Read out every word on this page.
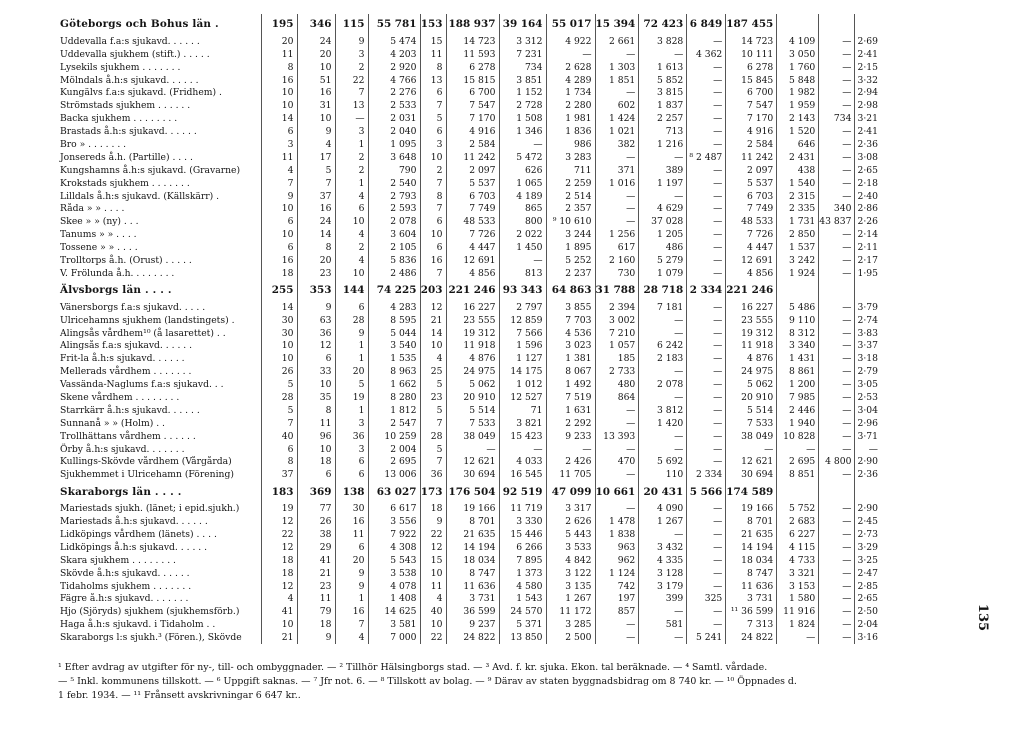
Göteborgs och Bohus län .	195	346	115	55 781	153	188 937	39 164	55 017	15 394	72 423	6 849	187 455			
Uddevalla f.a:s sjukavd. . . . . .	20	24	9	5 474	15	14 723	3 312	4 922	2 661	3 828	—	14 723	4 109	—	2·69
Uddevalla sjukhem (stift.) . . . . .	11	20	3	4 203	11	11 593	7 231	—	—	—	4 362	10 111	3 050	—	2·41
Lysekils sjukhem . . . . . . .	8	10	2	2 920	8	6 278	734	2 628	1 303	1 613	—	6 278	1 760	—	2·15
Mölndals å.h:s sjukavd. . . . . .	16	51	22	4 766	13	15 815	3 851	4 289	1 851	5 852	—	15 845	5 848	—	3·32
Kungälvs f.a:s sjukavd. (Fridhem) .	10	16	7	2 276	6	6 700	1 152	1 734	—	3 815	—	6 700	1 982	—	2·94
Strömstads sjukhem . . . . . .	10	31	13	2 533	7	7 547	2 728	2 280	602	1 837	—	7 547	1 959	—	2·98
Backa sjukhem . . . . . . . .	14	10	—	2 031	5	7 170	1 508	1 981	1 424	2 257	—	7 170	2 143	734	3·21
Brastads å.h:s sjukavd. . . . . .	6	9	3	2 040	6	4 916	1 346	1 836	1 021	713	—	4 916	1 520	—	2·41
Bro » . . . . . . .	3	4	1	1 095	3	2 584	—	986	382	1 216	—	2 584	646	—	2·36
Jonsereds å.h. (Partille) . . . .	11	17	2	3 648	10	11 242	5 472	3 283	—	—	⁸ 2 487	11 242	2 431	—	3·08
Kungshamns å.h:s sjukavd. (Gravarne)	4	5	2	790	2	2 097	626	711	371	389	—	2 097	438	—	2·65
Krokstads sjukhem . . . . . . .	7	7	1	2 540	7	5 537	1 065	2 259	1 016	1 197	—	5 537	1 540	—	2·18
Lilldals å.h:s sjukavd. (Källskärr) .	9	37	4	2 793	8	6 703	4 189	2 514	—	—	—	6 703	2 315	—	2·40
Råda » » . . . .	10	16	6	2 593	7	7 749	865	2 357	—	4 629	—	7 749	2 335	340	2·86
Skee » » (ny) . . .	6	24	10	2 078	6	48 533	800	⁹ 10 610	—	37 028	—	48 533	1 731	43 837	2·26
Tanums » » . . . .	10	14	4	3 604	10	7 726	2 022	3 244	1 256	1 205	—	7 726	2 850	—	2·14
Tossene » » . . . .	6	8	2	2 105	6	4 447	1 450	1 895	617	486	—	4 447	1 537	—	2·11
Trolltorps å.h. (Orust) . . . . .	16	20	4	5 836	16	12 691	—	5 252	2 160	5 279	—	12 691	3 242	—	2·17
V. Frölunda å.h. . . . . . . .	18	23	10	2 486	7	4 856	813	2 237	730	1 079	—	4 856	1 924	—	1·95
Älvsborgs län . . . .	255	353	144	74 225	203	221 246	93 343	64 863	31 788	28 718	2 334	221 246			
Vänersborgs f.a:s sjukavd. . . . .	14	9	6	4 283	12	16 227	2 797	3 855	2 394	7 181	—	16 227	5 486	—	3·79
Ulricehamns sjukhem (landstingets) .	30	63	28	8 595	21	23 555	12 859	7 703	3 002	—	—	23 555	9 110	—	2·74
Alingsås vårdhem¹⁰ (å lasarettet) . .	30	36	9	5 044	14	19 312	7 566	4 536	7 210	—	—	19 312	8 312	—	3·83
Alingsås f.a:s sjukavd. . . . . .	10	12	1	3 540	10	11 918	1 596	3 023	1 057	6 242	—	11 918	3 340	—	3·37
Frit-la å.h:s sjukavd. . . . . .	10	6	1	1 535	4	4 876	1 127	1 381	185	2 183	—	4 876	1 431	—	3·18
Mellerads vårdhem . . . . . . .	26	33	20	8 963	25	24 975	14 175	8 067	2 733	—	—	24 975	8 861	—	2·79
Vassända-Naglums f.a:s sjukavd. . .	5	10	5	1 662	5	5 062	1 012	1 492	480	2 078	—	5 062	1 200	—	3·05
Skene vårdhem . . . . . . . .	28	35	19	8 280	23	20 910	12 527	7 519	864	—	—	20 910	7 985	—	2·53
Starrkärr å.h:s sjukavd. . . . . .	5	8	1	1 812	5	5 514	71	1 631	—	3 812	—	5 514	2 446	—	3·04
Sunnanå » » (Holm) . .	7	11	3	2 547	7	7 533	3 821	2 292	—	1 420	—	7 533	1 940	—	2·96
Trollhättans vårdhem . . . . . .	40	96	36	10 259	28	38 049	15 423	9 233	13 393	—	—	38 049	10 828	—	3·71
Örby å.h:s sjukavd. . . . . . .	6	10	3	2 004	5	—	—	—	—	—	—	—	—	—	—
Kullings-Skövde vårdhem (Vårgårda)	8	18	6	2 695	7	12 621	4 033	2 426	470	5 692	—	12 621	2 695	4 800	2·90
Sjukhemmet i Ulricehamn (Förening)	37	6	6	13 006	36	30 694	16 545	11 705	—	110	2 334	30 694	8 851	—	2·36
Skaraborgs län . . . .	183	369	138	63 027	173	176 504	92 519	47 099	10 661	20 431	5 566	174 589			
Mariestads sjukh. (länet; i epid.sjukh.)	19	77	30	6 617	18	19 166	11 719	3 317	—	4 090	—	19 166	5 752	—	2·90
Mariestads å.h:s sjukavd. . . . . .	12	26	16	3 556	9	8 701	3 330	2 626	1 478	1 267	—	8 701	2 683	—	2·45
Lidköpings vårdhem (länets) . . . .	22	38	11	7 922	22	21 635	15 446	5 443	1 838	—	—	21 635	6 227	—	2·73
Lidköpings å.h:s sjukavd. . . . . .	12	29	6	4 308	12	14 194	6 266	3 533	963	3 432	—	14 194	4 115	—	3·29
Skara sjukhem . . . . . . . .	18	41	20	5 543	15	18 034	7 895	4 842	962	4 335	—	18 034	4 733	—	3·25
Skövde å.h:s sjukavd. . . . . .	18	21	9	3 538	10	8 747	1 373	3 122	1 124	3 128	—	8 747	3 321	—	2·47
Tidaholms sjukhem . . . . . . .	12	23	9	4 078	11	11 636	4 580	3 135	742	3 179	—	11 636	3 153	—	2·85
Fägre å.h:s sjukavd. . . . . . .	4	11	1	1 408	4	3 731	1 543	1 267	197	399	325	3 731	1 580	—	2·65
Hjo (Sjöryds) sjukhem (sjukhemsförb.)	41	79	16	14 625	40	36 599	24 570	11 172	857	—	—	¹¹ 36 599	11 916	—	2·50
Haga å.h:s sjukavd. i Tidaholm . .	10	18	7	3 581	10	9 237	5 371	3 285	—	581	—	7 313	1 824	—	2·04
Skaraborgs l:s sjukh.³ (Fören.), Skövde	21	9	4	7 000	22	24 822	13 850	2 500	—	—	5 241	24 822	—	—	3·16
¹ Efter avdrag av utgifter för ny-, till- och ombyggnader. — ² Tillhör Hälsingborgs stad. — ³ Avd. f. kr. sjuka. Ekon. tal beräknade. — ⁴ Samtl. vårdade.
— ⁵ Inkl. kommunens tillskott. — ⁶ Uppgift saknas. — ⁷ Jfr not. 6. — ⁸ Tillskott av bolag. — ⁹ Därav av staten byggnadsbidrag om 8 740 kr. — ¹⁰ Öppnades d.
1 febr. 1934. — ¹¹ Frånsett avskrivningar 6 647 kr..
135
